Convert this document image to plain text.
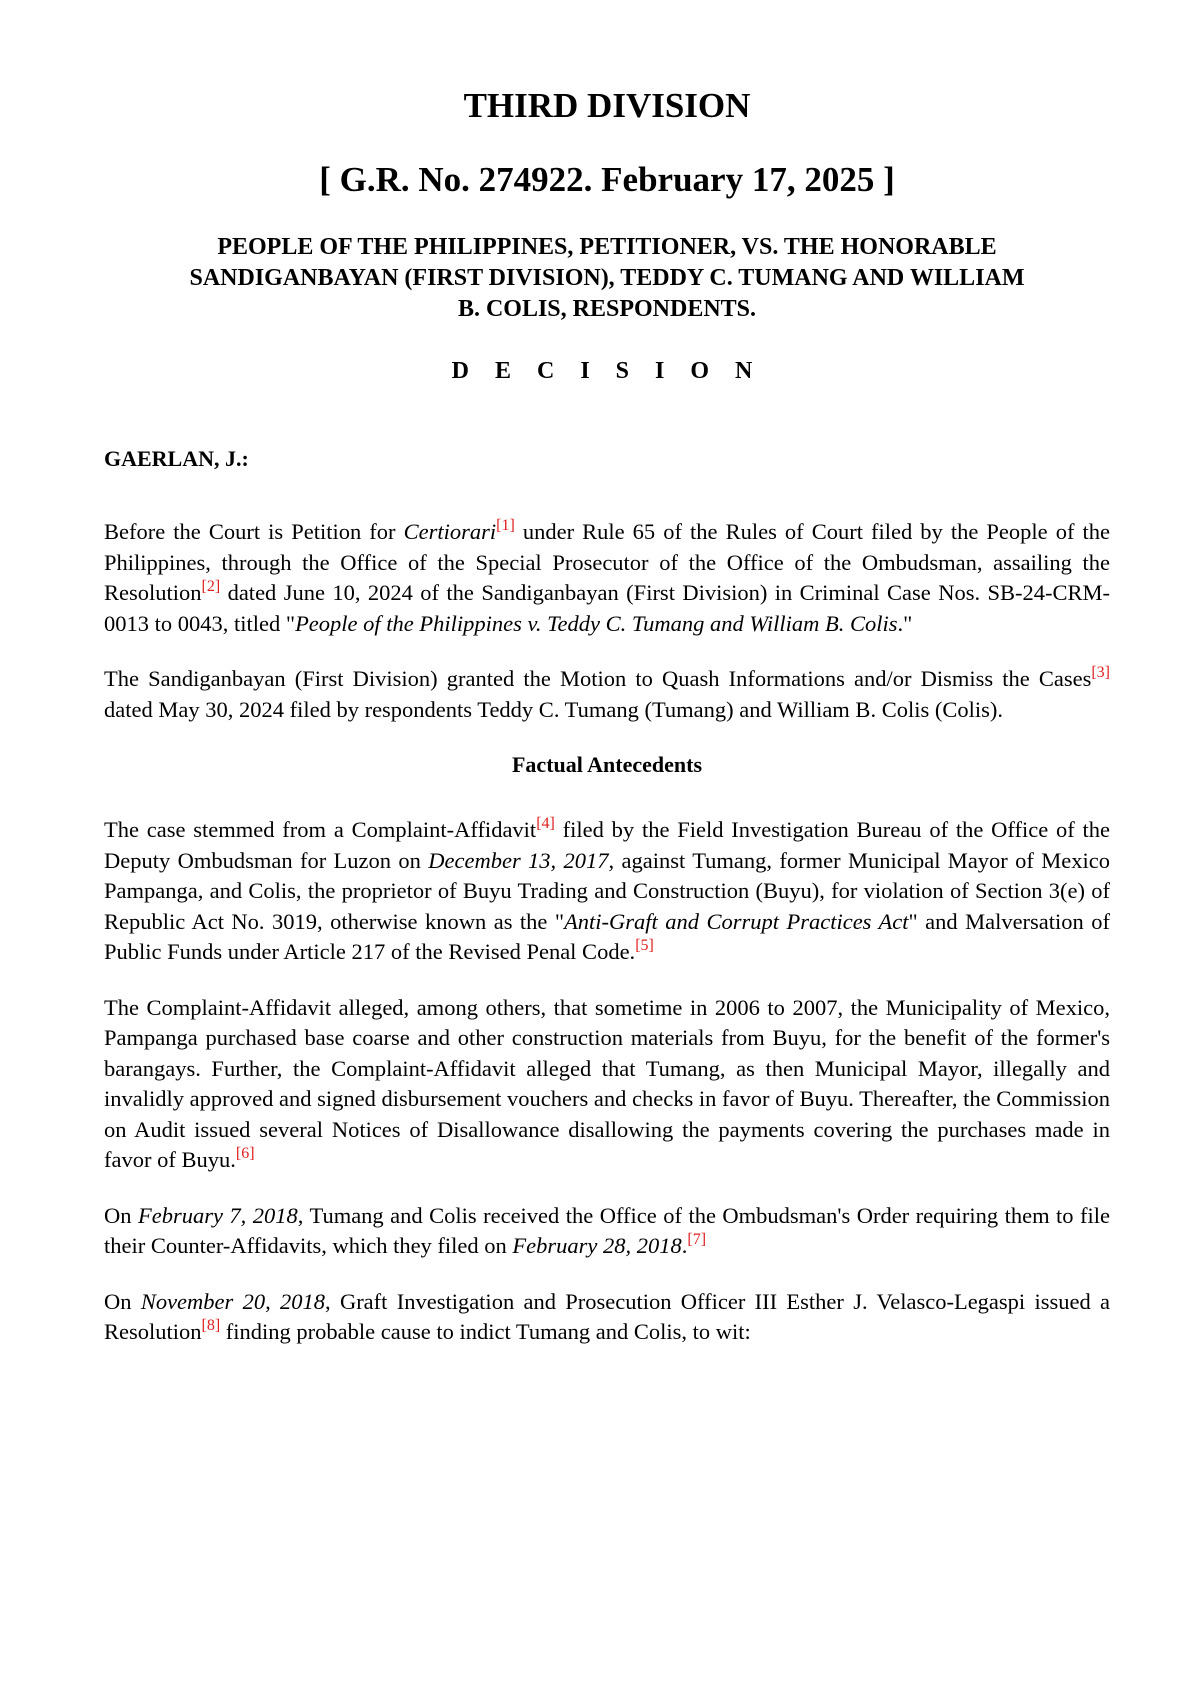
THIRD DIVISION
[ G.R. No. 274922. February 17, 2025 ]
PEOPLE OF THE PHILIPPINES, PETITIONER, VS. THE HONORABLE SANDIGANBAYAN (FIRST DIVISION), TEDDY C. TUMANG AND WILLIAM B. COLIS, RESPONDENTS.
D E C I S I O N
GAERLAN, J.:

Before the Court is Petition for Certiorari[1] under Rule 65 of the Rules of Court filed by the People of the Philippines, through the Office of the Special Prosecutor of the Office of the Ombudsman, assailing the Resolution[2] dated June 10, 2024 of the Sandiganbayan (First Division) in Criminal Case Nos. SB-24-CRM-0013 to 0043, titled "People of the Philippines v. Teddy C. Tumang and William B. Colis."

The Sandiganbayan (First Division) granted the Motion to Quash Informations and/or Dismiss the Cases[3] dated May 30, 2024 filed by respondents Teddy C. Tumang (Tumang) and William B. Colis (Colis).

Factual Antecedents

The case stemmed from a Complaint-Affidavit[4] filed by the Field Investigation Bureau of the Office of the Deputy Ombudsman for Luzon on December 13, 2017, against Tumang, former Municipal Mayor of Mexico Pampanga, and Colis, the proprietor of Buyu Trading and Construction (Buyu), for violation of Section 3(e) of Republic Act No. 3019, otherwise known as the "Anti-Graft and Corrupt Practices Act" and Malversation of Public Funds under Article 217 of the Revised Penal Code.[5]

The Complaint-Affidavit alleged, among others, that sometime in 2006 to 2007, the Municipality of Mexico, Pampanga purchased base coarse and other construction materials from Buyu, for the benefit of the former's barangays. Further, the Complaint-Affidavit alleged that Tumang, as then Municipal Mayor, illegally and invalidly approved and signed disbursement vouchers and checks in favor of Buyu. Thereafter, the Commission on Audit issued several Notices of Disallowance disallowing the payments covering the purchases made in favor of Buyu.[6]

On February 7, 2018, Tumang and Colis received the Office of the Ombudsman's Order requiring them to file their Counter-Affidavits, which they filed on February 28, 2018.[7]

On November 20, 2018, Graft Investigation and Prosecution Officer III Esther J. Velasco-Legaspi issued a Resolution[8] finding probable cause to indict Tumang and Colis, to wit:
